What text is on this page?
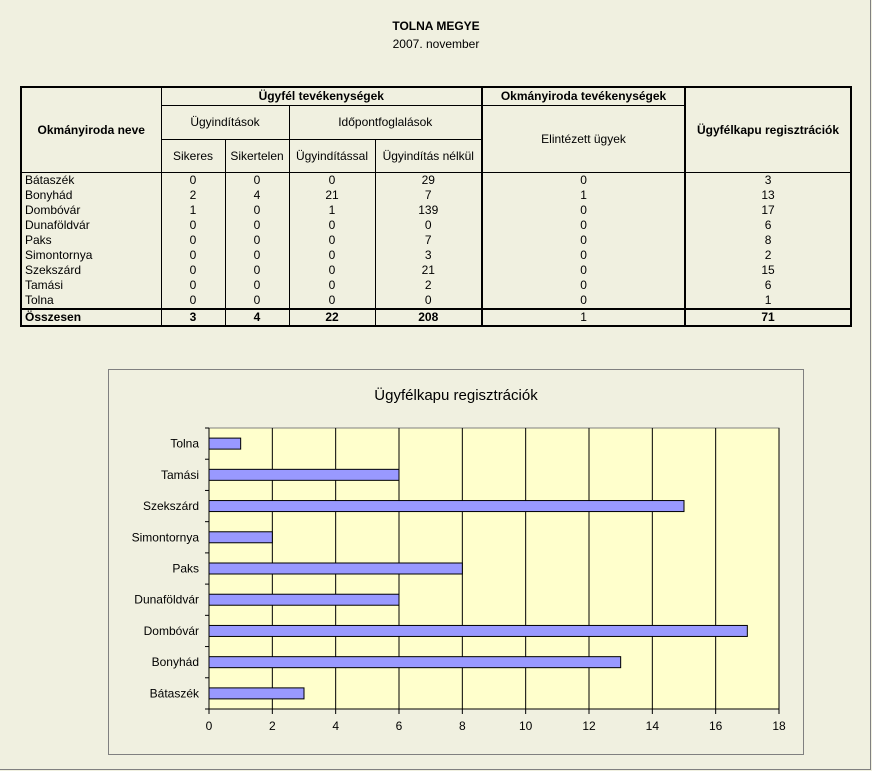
TOLNA MEGYE
2007. november
Okmányiroda neve	Ügyfél tevékenységek				Okmányiroda tevékenységek	Ügyfélkapu regisztrációk
	Ügyindítások		Időpontfoglalások		Elintézett ügyek	
	Sikeres	Sikertelen	Ügyindítással	Ügyindítás nélkül		
Bátaszék	0	0	0	29	0	3
Bonyhád	2	4	21	7	1	13
Dombóvár	1	0	1	139	0	17
Dunaföldvár	0	0	0	0	0	6
Paks	0	0	0	7	0	8
Simontornya	0	0	0	3	0	2
Szekszárd	0	0	0	21	0	15
Tamási	0	0	0	2	0	6
Tolna	0	0	0	0	0	1
Összesen	3	4	22	208	1	71
Ügyfélkapu regisztrációk
0	2	4	6	8	10	12	14	16	18
Tolna
Tamási
Szekszárd
Simontornya
Paks
Dunaföldvár
Dombóvár
Bonyhád
Bátaszék
